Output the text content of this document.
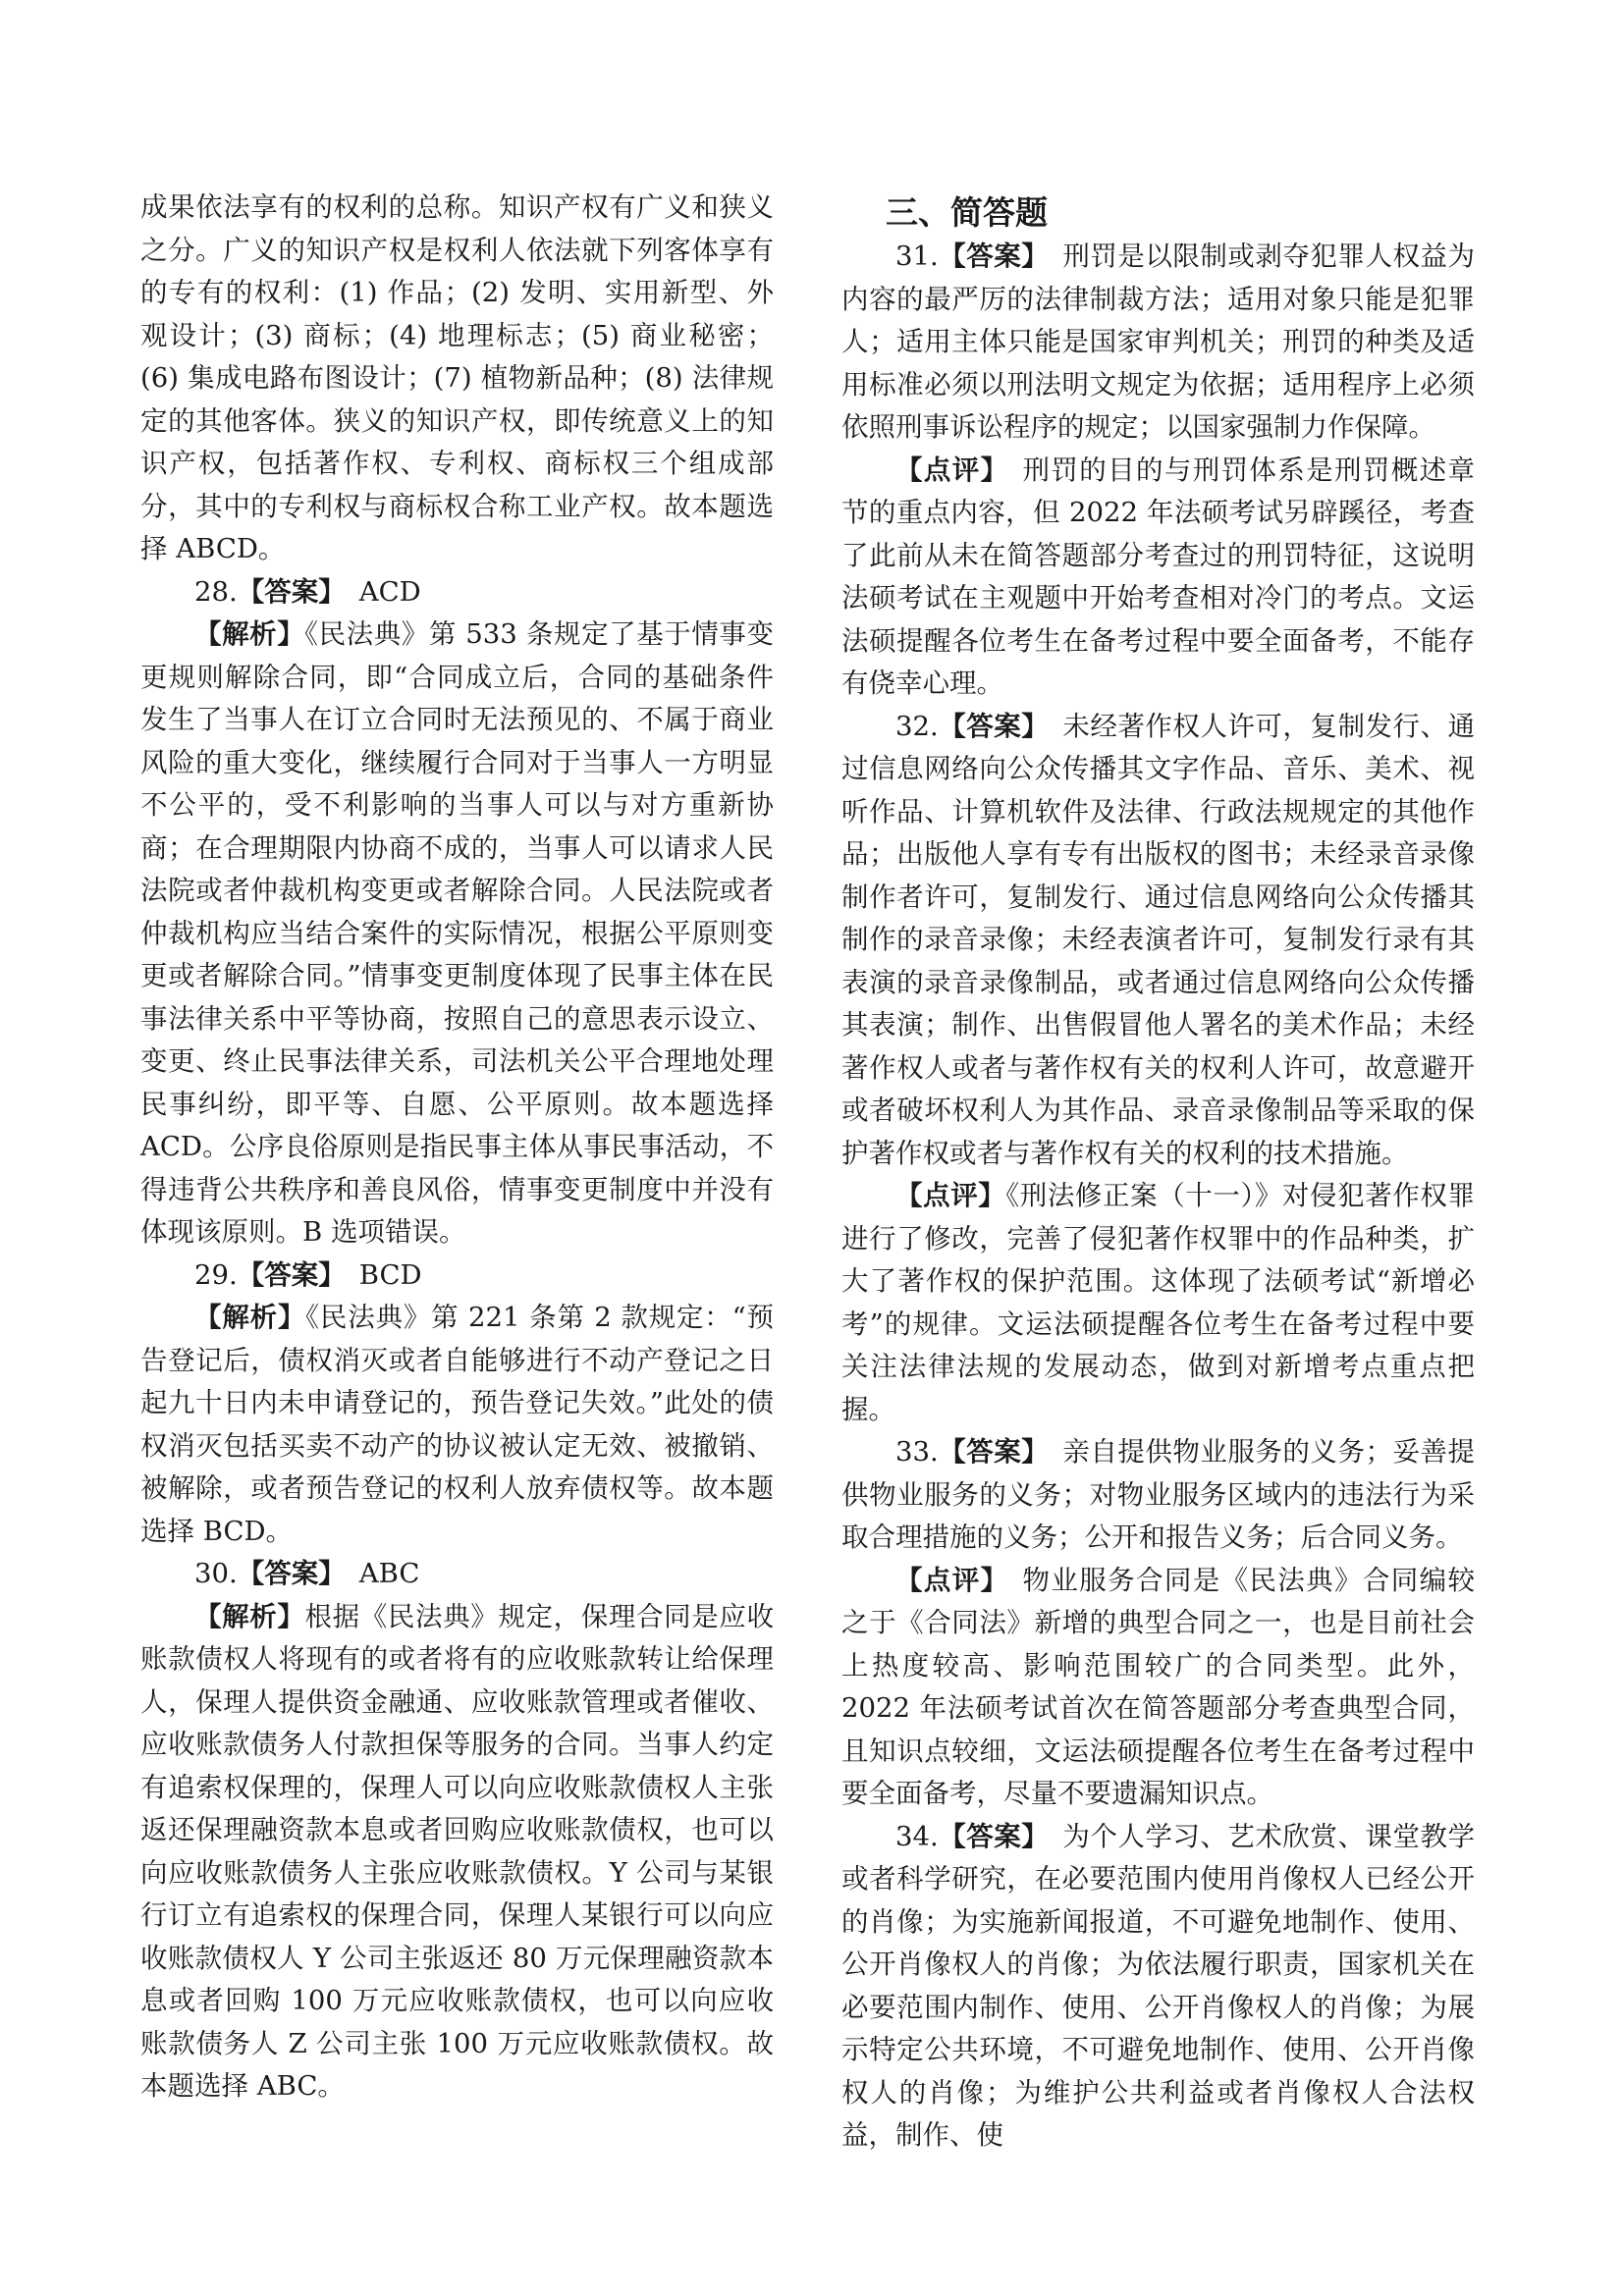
成果依法享有的权利的总称。知识产权有广义和狭义之分。广义的知识产权是权利人依法就下列客体享有的专有的权利：(1) 作品；(2) 发明、实用新型、外观设计；(3) 商标；(4) 地理标志；(5) 商业秘密；(6) 集成电路布图设计；(7) 植物新品种；(8) 法律规定的其他客体。狭义的知识产权，即传统意义上的知识产权，包括著作权、专利权、商标权三个组成部分，其中的专利权与商标权合称工业产权。故本题选择 ABCD。

28.【答案】 ACD

【解析】《民法典》第 533 条规定了基于情事变更规则解除合同，即“合同成立后，合同的基础条件发生了当事人在订立合同时无法预见的、不属于商业风险的重大变化，继续履行合同对于当事人一方明显不公平的，受不利影响的当事人可以与对方重新协商；在合理期限内协商不成的，当事人可以请求人民法院或者仲裁机构变更或者解除合同。人民法院或者仲裁机构应当结合案件的实际情况，根据公平原则变更或者解除合同。”情事变更制度体现了民事主体在民事法律关系中平等协商，按照自己的意思表示设立、变更、终止民事法律关系，司法机关公平合理地处理民事纠纷，即平等、自愿、公平原则。故本题选择 ACD。公序良俗原则是指民事主体从事民事活动，不得违背公共秩序和善良风俗，情事变更制度中并没有体现该原则。B 选项错误。

29.【答案】 BCD

【解析】《民法典》第 221 条第 2 款规定：“预告登记后，债权消灭或者自能够进行不动产登记之日起九十日内未申请登记的，预告登记失效。”此处的债权消灭包括买卖不动产的协议被认定无效、被撤销、被解除，或者预告登记的权利人放弃债权等。故本题选择 BCD。

30.【答案】 ABC

【解析】根据《民法典》规定，保理合同是应收账款债权人将现有的或者将有的应收账款转让给保理人，保理人提供资金融通、应收账款管理或者催收、应收账款债务人付款担保等服务的合同。当事人约定有追索权保理的，保理人可以向应收账款债权人主张返还保理融资款本息或者回购应收账款债权，也可以向应收账款债务人主张应收账款债权。Y 公司与某银行订立有追索权的保理合同，保理人某银行可以向应收账款债权人 Y 公司主张返还 80 万元保理融资款本息或者回购 100 万元应收账款债权，也可以向应收账款债务人 Z 公司主张 100 万元应收账款债权。故本题选择 ABC。

三、简答题

31.【答案】 刑罚是以限制或剥夺犯罪人权益为内容的最严厉的法律制裁方法；适用对象只能是犯罪人；适用主体只能是国家审判机关；刑罚的种类及适用标准必须以刑法明文规定为依据；适用程序上必须依照刑事诉讼程序的规定；以国家强制力作保障。

【点评】 刑罚的目的与刑罚体系是刑罚概述章节的重点内容，但 2022 年法硕考试另辟蹊径，考查了此前从未在简答题部分考查过的刑罚特征，这说明法硕考试在主观题中开始考查相对冷门的考点。文运法硕提醒各位考生在备考过程中要全面备考，不能存有侥幸心理。

32.【答案】 未经著作权人许可，复制发行、通过信息网络向公众传播其文字作品、音乐、美术、视听作品、计算机软件及法律、行政法规规定的其他作品；出版他人享有专有出版权的图书；未经录音录像制作者许可，复制发行、通过信息网络向公众传播其制作的录音录像；未经表演者许可，复制发行录有其表演的录音录像制品，或者通过信息网络向公众传播其表演；制作、出售假冒他人署名的美术作品；未经著作权人或者与著作权有关的权利人许可，故意避开或者破坏权利人为其作品、录音录像制品等采取的保护著作权或者与著作权有关的权利的技术措施。

【点评】《刑法修正案（十一）》对侵犯著作权罪进行了修改，完善了侵犯著作权罪中的作品种类，扩大了著作权的保护范围。这体现了法硕考试“新增必考”的规律。文运法硕提醒各位考生在备考过程中要关注法律法规的发展动态，做到对新增考点重点把握。

33.【答案】 亲自提供物业服务的义务；妥善提供物业服务的义务；对物业服务区域内的违法行为采取合理措施的义务；公开和报告义务；后合同义务。

【点评】 物业服务合同是《民法典》合同编较之于《合同法》新增的典型合同之一，也是目前社会上热度较高、影响范围较广的合同类型。此外，2022 年法硕考试首次在简答题部分考查典型合同，且知识点较细，文运法硕提醒各位考生在备考过程中要全面备考，尽量不要遗漏知识点。

34.【答案】 为个人学习、艺术欣赏、课堂教学或者科学研究，在必要范围内使用肖像权人已经公开的肖像；为实施新闻报道，不可避免地制作、使用、公开肖像权人的肖像；为依法履行职责，国家机关在必要范围内制作、使用、公开肖像权人的肖像；为展示特定公共环境，不可避免地制作、使用、公开肖像权人的肖像；为维护公共利益或者肖像权人合法权益，制作、使
